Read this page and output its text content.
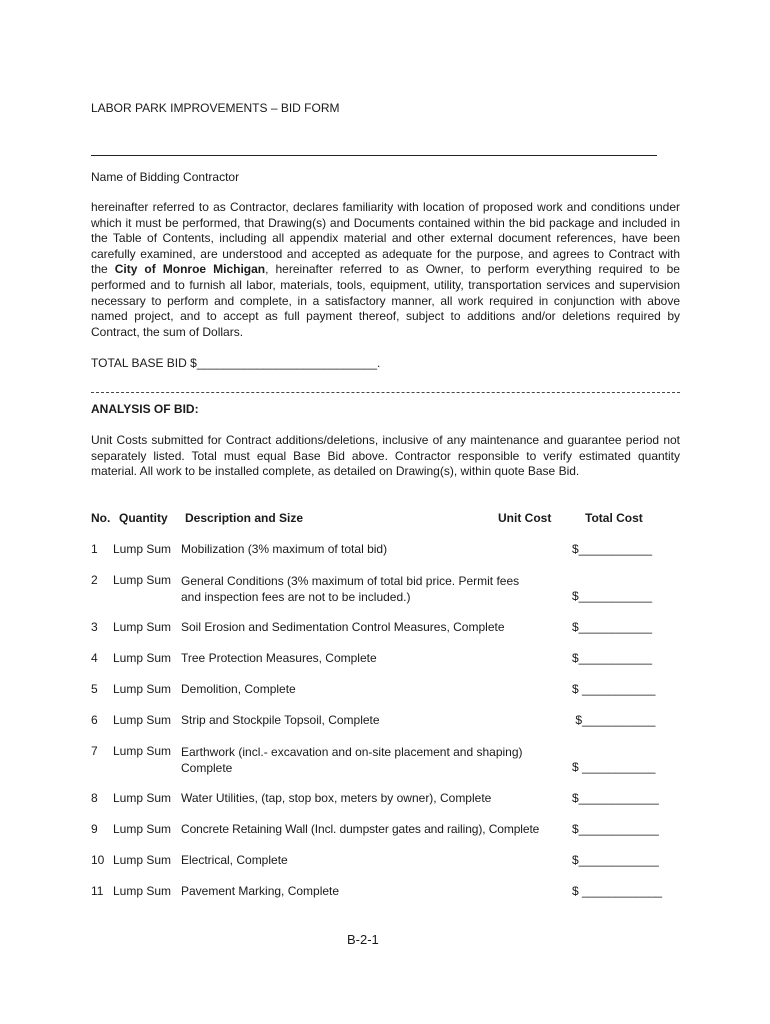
LABOR PARK IMPROVEMENTS – BID FORM
Name of Bidding Contractor
hereinafter referred to as Contractor, declares familiarity with location of proposed work and conditions under which it must be performed, that Drawing(s) and Documents contained within the bid package and included in the Table of Contents, including all appendix material and other external document references, have been carefully examined, are understood and accepted as adequate for the purpose, and agrees to Contract with the City of Monroe Michigan, hereinafter referred to as Owner, to perform everything required to be performed and to furnish all labor, materials, tools, equipment, utility, transportation services and supervision necessary to perform and complete, in a satisfactory manner, all work required in conjunction with above named project, and to accept as full payment thereof, subject to additions and/or deletions required by Contract, the sum of Dollars.
TOTAL BASE BID $___________________________.
ANALYSIS OF BID:
Unit Costs submitted for Contract additions/deletions, inclusive of any maintenance and guarantee period not separately listed. Total must equal Base Bid above. Contractor responsible to verify estimated quantity material. All work to be installed complete, as detailed on Drawing(s), within quote Base Bid.
No. Quantity Description and Size	Unit Cost	Total Cost
1 Lump Sum Mobilization (3% maximum of total bid)	$___________
2 Lump Sum General Conditions (3% maximum of total bid price. Permit fees and inspection fees are not to be included.)	$___________
3 Lump Sum Soil Erosion and Sedimentation Control Measures, Complete	$___________
4 Lump Sum Tree Protection Measures, Complete	$___________
5 Lump Sum Demolition, Complete	$ ___________
6 Lump Sum Strip and Stockpile Topsoil, Complete	$___________
7 Lump Sum Earthwork (incl.- excavation and on-site placement and shaping) Complete	$ ___________
8 Lump Sum Water Utilities, (tap, stop box, meters by owner), Complete	$____________
9 Lump Sum Concrete Retaining Wall (Incl. dumpster gates and railing), Complete	$____________
10 Lump Sum Electrical, Complete	$____________
11 Lump Sum Pavement Marking, Complete	$ ____________
B-2-1
